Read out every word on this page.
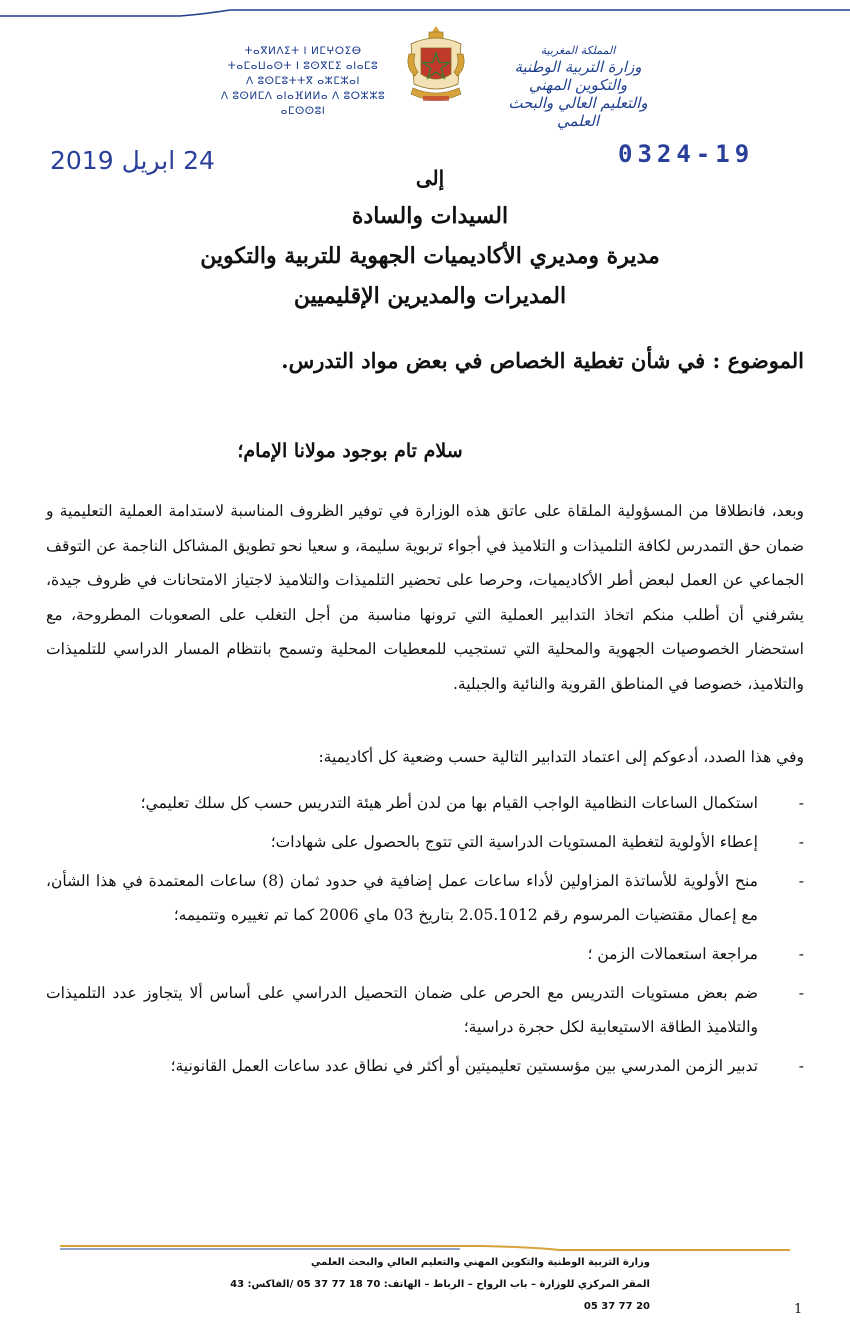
ⵜⴰⴳⵍⴷⵉⵜ ⵏ ⵍⵎⵖⵔⵉⴱ
ⵜⴰⵎⴰⵡⴰⵙⵜ ⵏ ⵓⵙⴳⵎⵉ ⴰⵏⴰⵎⵓ
ⴷ ⵓⵙⵎⵓⵜⵜⴳ ⴰⵣⵎⵣⴰⵏ
ⴷ ⵓⵙⵍⵎⴷ ⴰⵏⴰⴼⵍⵍⴰ ⴷ ⵓⵔⵣⵣⵓ ⴰⵎⵙⵙⵓⵏ
المملكة المغربية
وزارة التربية الوطنية
والتكوين المهني
والتعليم العالي والبحث العلمي
24 ابريل 2019	0324-19
إلى
السيدات والسادة
مديرة ومديري الأكاديميات الجهوية للتربية والتكوين
المديرات والمديرين الإقليميين
الموضوع : في شأن تغطية الخصاص في بعض مواد التدرس.
سلام تام بوجود مولانا الإمام؛
وبعد، فانطلاقا من المسؤولية الملقاة على عاتق هذه الوزارة في توفير الظروف المناسبة لاستدامة العملية التعليمية و ضمان حق التمدرس لكافة التلميذات و التلاميذ في أجواء تربوية سليمة، و سعيا نحو تطويق المشاكل الناجمة عن التوقف الجماعي عن العمل لبعض أطر الأكاديميات، وحرصا على تحضير التلميذات والتلاميذ لاجتياز الامتحانات في ظروف جيدة، يشرفني أن أطلب منكم اتخاذ التدابير العملية التي ترونها مناسبة من أجل التغلب على الصعوبات المطروحة، مع استحضار الخصوصيات الجهوية والمحلية التي تستجيب للمعطيات المحلية وتسمح بانتظام المسار الدراسي للتلميذات والتلاميذ، خصوصا في المناطق القروية والنائية والجبلية.
وفي هذا الصدد، أدعوكم إلى اعتماد التدابير التالية حسب وضعية كل أكاديمية:
-
استكمال الساعات النظامية الواجب القيام بها من لدن أطر هيئة التدريس حسب كل سلك تعليمي؛
-
إعطاء الأولوية لتغطية المستويات الدراسية التي تتوج بالحصول على شهادات؛
-
منح الأولوية للأساتذة المزاولين لأداء ساعات عمل إضافية في حدود ثمان (8) ساعات المعتمدة في هذا الشأن، مع إعمال مقتضيات المرسوم رقم 2.05.1012 بتاريخ 03 ماي 2006 كما تم تغييره وتتميمه؛
-
مراجعة استعمالات الزمن ؛
-
ضم بعض مستويات التدريس مع الحرص على ضمان التحصيل الدراسي على أساس ألا يتجاوز عدد التلميذات والتلاميذ الطاقة الاستيعابية لكل حجرة دراسية؛
-
تدبير الزمن المدرسي بين مؤسستين تعليميتين أو أكثر في نطاق عدد ساعات العمل القانونية؛
وزارة التربية الوطنية والتكوين المهني والتعليم العالي والبحث العلمي
المقر المركزي للوزارة – باب الرواح – الرباط – الهاتف: 70 18 77 37 05 /الفاكس: 43 20 77 37 05	1
